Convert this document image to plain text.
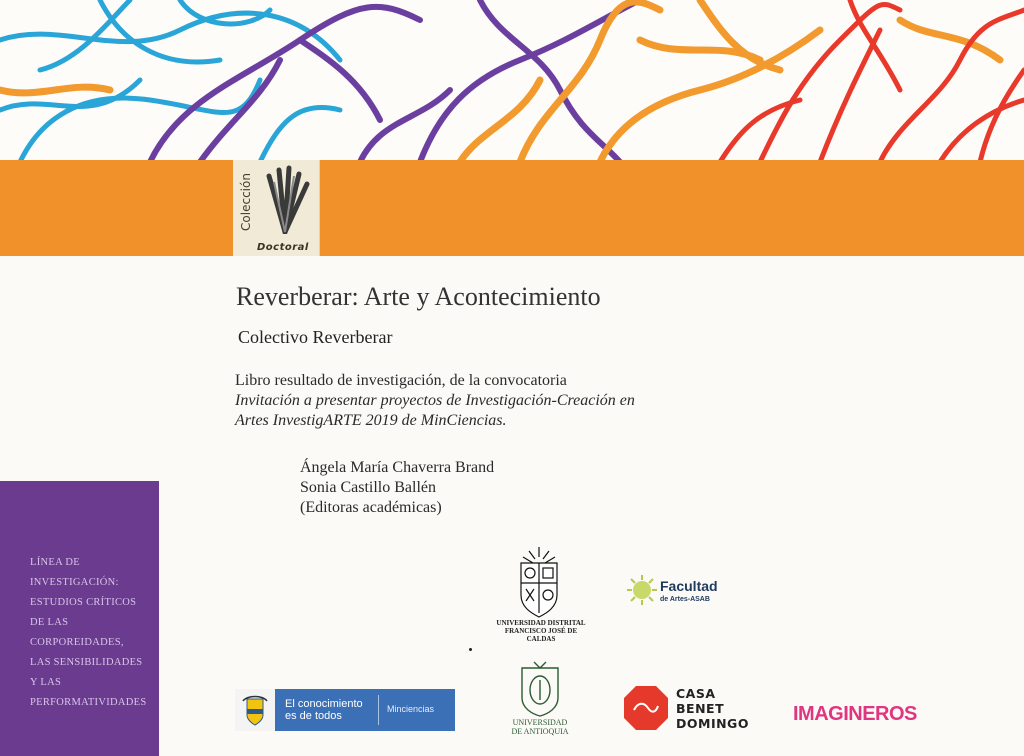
Colección
Doctoral
Reverberar: Arte y Acontecimiento
Colectivo Reverberar
Libro resultado de investigación, de la convocatoria
Invitación a presentar proyectos de Investigación-Creación en
Artes InvestigARTE 2019 de MinCiencias.
Ángela María Chaverra Brand
Sonia Castillo Ballén
(Editoras académicas)
LÍNEA DE
INVESTIGACIÓN:
ESTUDIOS CRÍTICOS
DE LAS
CORPOREIDADES,
LAS SENSIBILIDADES
Y LAS
PERFORMATIVIDADES
UNIVERSIDAD DISTRITAL
FRANCISCO JOSÉ DE CALDAS
Facultad
de Artes-ASAB
El conocimiento
es de todos
Minciencias
UNIVERSIDAD
DE ANTIOQUIA
CASA
BENET
DOMINGO IMAGINEROS
